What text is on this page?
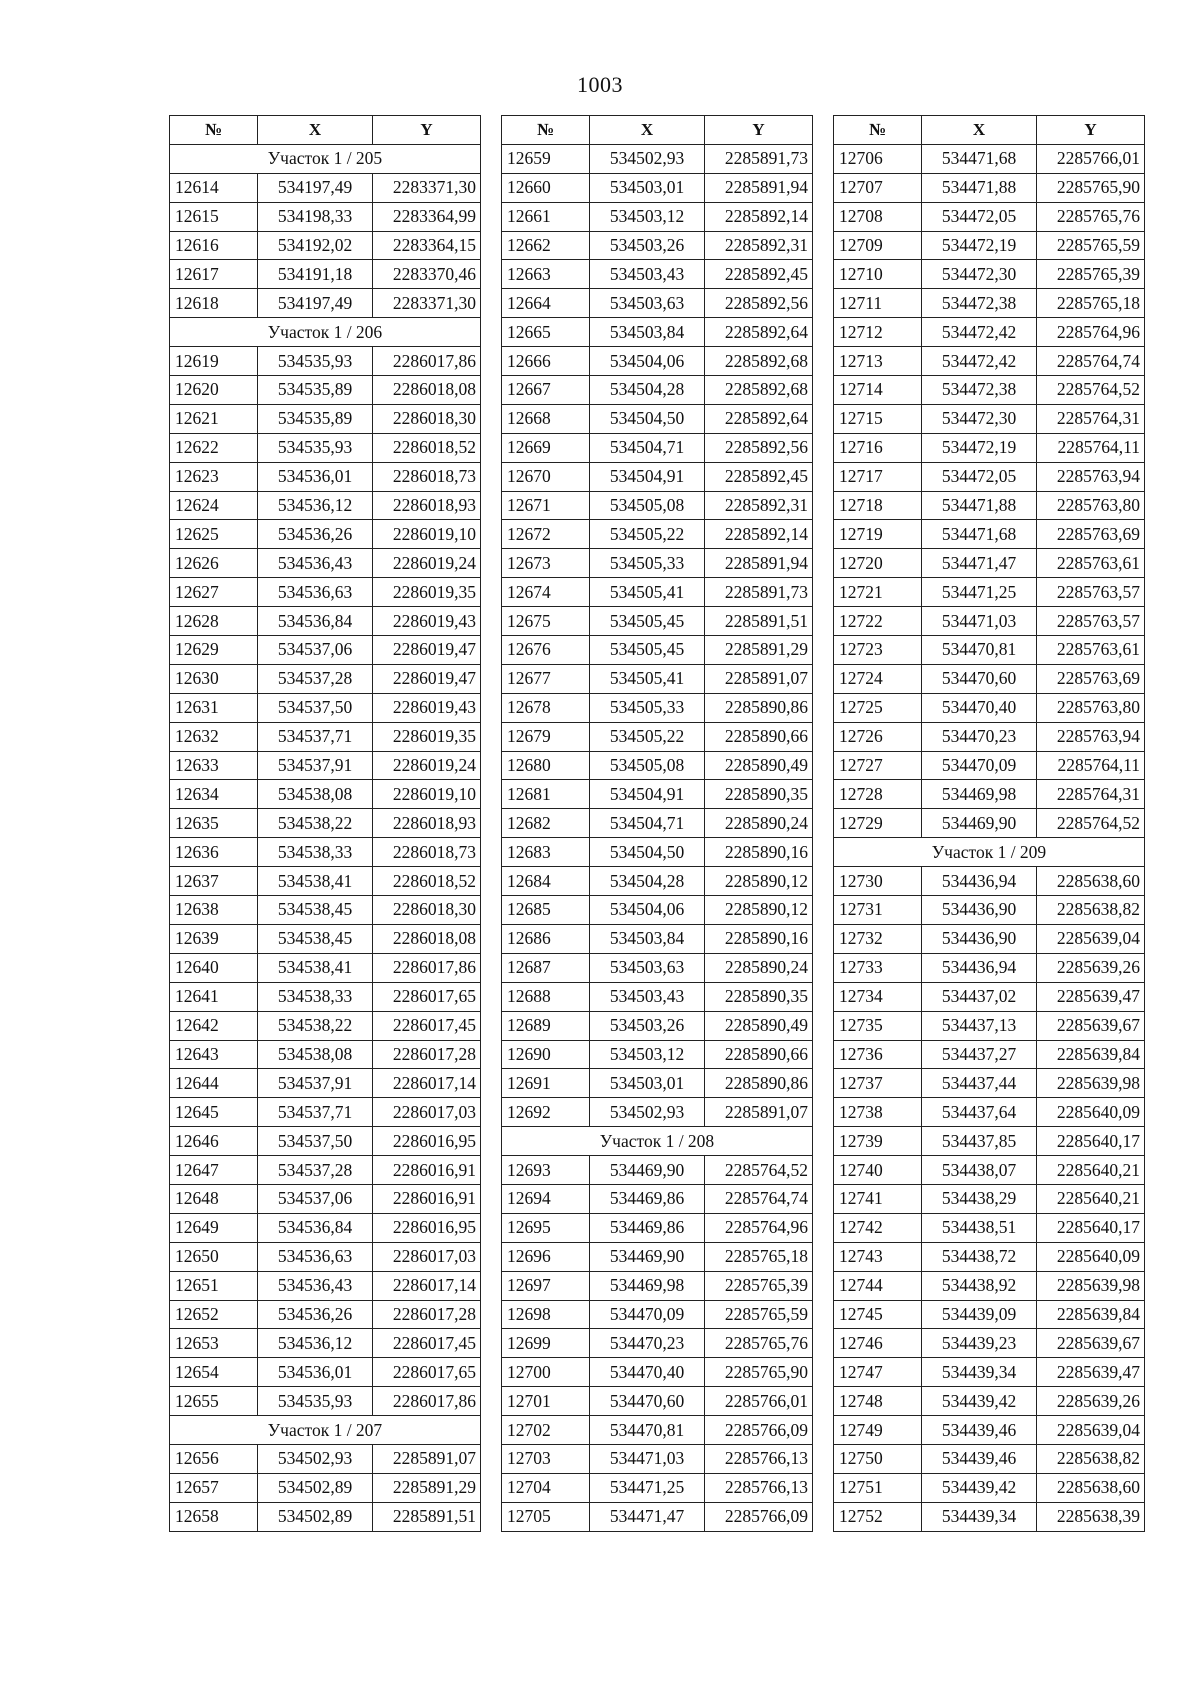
1003
№	X	Y
Участок 1 / 205		
12614	534197,49	2283371,30
12615	534198,33	2283364,99
12616	534192,02	2283364,15
12617	534191,18	2283370,46
12618	534197,49	2283371,30
Участок 1 / 206		
12619	534535,93	2286017,86
12620	534535,89	2286018,08
12621	534535,89	2286018,30
12622	534535,93	2286018,52
12623	534536,01	2286018,73
12624	534536,12	2286018,93
12625	534536,26	2286019,10
12626	534536,43	2286019,24
12627	534536,63	2286019,35
12628	534536,84	2286019,43
12629	534537,06	2286019,47
12630	534537,28	2286019,47
12631	534537,50	2286019,43
12632	534537,71	2286019,35
12633	534537,91	2286019,24
12634	534538,08	2286019,10
12635	534538,22	2286018,93
12636	534538,33	2286018,73
12637	534538,41	2286018,52
12638	534538,45	2286018,30
12639	534538,45	2286018,08
12640	534538,41	2286017,86
12641	534538,33	2286017,65
12642	534538,22	2286017,45
12643	534538,08	2286017,28
12644	534537,91	2286017,14
12645	534537,71	2286017,03
12646	534537,50	2286016,95
12647	534537,28	2286016,91
12648	534537,06	2286016,91
12649	534536,84	2286016,95
12650	534536,63	2286017,03
12651	534536,43	2286017,14
12652	534536,26	2286017,28
12653	534536,12	2286017,45
12654	534536,01	2286017,65
12655	534535,93	2286017,86
Участок 1 / 207		
12656	534502,93	2285891,07
12657	534502,89	2285891,29
12658	534502,89	2285891,51
№	X	Y
12659	534502,93	2285891,73
12660	534503,01	2285891,94
12661	534503,12	2285892,14
12662	534503,26	2285892,31
12663	534503,43	2285892,45
12664	534503,63	2285892,56
12665	534503,84	2285892,64
12666	534504,06	2285892,68
12667	534504,28	2285892,68
12668	534504,50	2285892,64
12669	534504,71	2285892,56
12670	534504,91	2285892,45
12671	534505,08	2285892,31
12672	534505,22	2285892,14
12673	534505,33	2285891,94
12674	534505,41	2285891,73
12675	534505,45	2285891,51
12676	534505,45	2285891,29
12677	534505,41	2285891,07
12678	534505,33	2285890,86
12679	534505,22	2285890,66
12680	534505,08	2285890,49
12681	534504,91	2285890,35
12682	534504,71	2285890,24
12683	534504,50	2285890,16
12684	534504,28	2285890,12
12685	534504,06	2285890,12
12686	534503,84	2285890,16
12687	534503,63	2285890,24
12688	534503,43	2285890,35
12689	534503,26	2285890,49
12690	534503,12	2285890,66
12691	534503,01	2285890,86
12692	534502,93	2285891,07
Участок 1 / 208		
12693	534469,90	2285764,52
12694	534469,86	2285764,74
12695	534469,86	2285764,96
12696	534469,90	2285765,18
12697	534469,98	2285765,39
12698	534470,09	2285765,59
12699	534470,23	2285765,76
12700	534470,40	2285765,90
12701	534470,60	2285766,01
12702	534470,81	2285766,09
12703	534471,03	2285766,13
12704	534471,25	2285766,13
12705	534471,47	2285766,09
№	X	Y
12706	534471,68	2285766,01
12707	534471,88	2285765,90
12708	534472,05	2285765,76
12709	534472,19	2285765,59
12710	534472,30	2285765,39
12711	534472,38	2285765,18
12712	534472,42	2285764,96
12713	534472,42	2285764,74
12714	534472,38	2285764,52
12715	534472,30	2285764,31
12716	534472,19	2285764,11
12717	534472,05	2285763,94
12718	534471,88	2285763,80
12719	534471,68	2285763,69
12720	534471,47	2285763,61
12721	534471,25	2285763,57
12722	534471,03	2285763,57
12723	534470,81	2285763,61
12724	534470,60	2285763,69
12725	534470,40	2285763,80
12726	534470,23	2285763,94
12727	534470,09	2285764,11
12728	534469,98	2285764,31
12729	534469,90	2285764,52
Участок 1 / 209		
12730	534436,94	2285638,60
12731	534436,90	2285638,82
12732	534436,90	2285639,04
12733	534436,94	2285639,26
12734	534437,02	2285639,47
12735	534437,13	2285639,67
12736	534437,27	2285639,84
12737	534437,44	2285639,98
12738	534437,64	2285640,09
12739	534437,85	2285640,17
12740	534438,07	2285640,21
12741	534438,29	2285640,21
12742	534438,51	2285640,17
12743	534438,72	2285640,09
12744	534438,92	2285639,98
12745	534439,09	2285639,84
12746	534439,23	2285639,67
12747	534439,34	2285639,47
12748	534439,42	2285639,26
12749	534439,46	2285639,04
12750	534439,46	2285638,82
12751	534439,42	2285638,60
12752	534439,34	2285638,39
